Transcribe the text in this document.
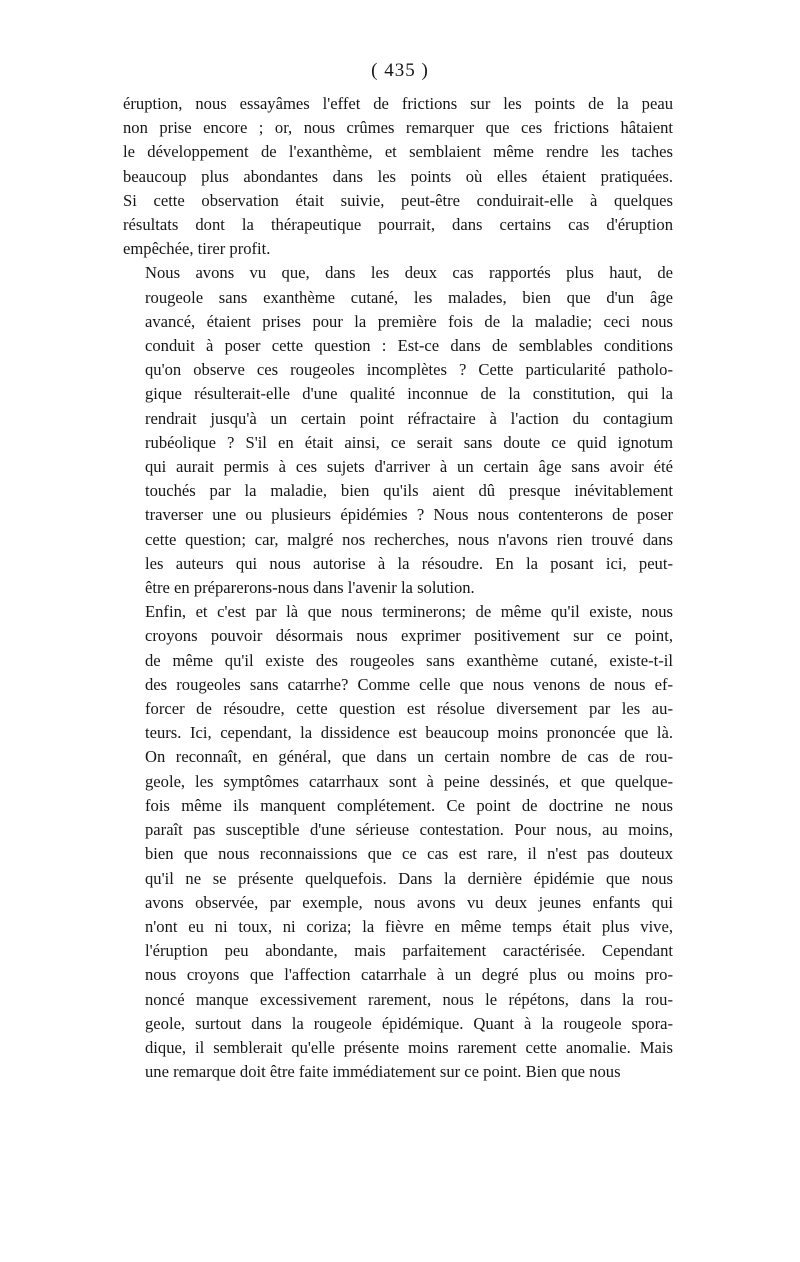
( 435 )

éruption, nous essayâmes l'effet de frictions sur les points de la peau
non prise encore ; or, nous crûmes remarquer que ces frictions hâtaient
le développement de l'exanthème, et semblaient même rendre les taches
beaucoup plus abondantes dans les points où elles étaient pratiquées.
Si cette observation était suivie, peut-être conduirait-elle à quelques
résultats dont la thérapeutique pourrait, dans certains cas d'éruption
empêchée, tirer profit.

Nous avons vu que, dans les deux cas rapportés plus haut, de
rougeole sans exanthème cutané, les malades, bien que d'un âge
avancé, étaient prises pour la première fois de la maladie; ceci nous
conduit à poser cette question : Est-ce dans de semblables conditions
qu'on observe ces rougeoles incomplètes ? Cette particularité patholo-
gique résulterait-elle d'une qualité inconnue de la constitution, qui la
rendrait jusqu'à un certain point réfractaire à l'action du contagium
rubéolique ? S'il en était ainsi, ce serait sans doute ce quid ignotum
qui aurait permis à ces sujets d'arriver à un certain âge sans avoir été
touchés par la maladie, bien qu'ils aient dû presque inévitablement
traverser une ou plusieurs épidémies ? Nous nous contenterons de poser
cette question; car, malgré nos recherches, nous n'avons rien trouvé dans
les auteurs qui nous autorise à la résoudre. En la posant ici, peut-
être en préparerons-nous dans l'avenir la solution.

Enfin, et c'est par là que nous terminerons; de même qu'il existe, nous
croyons pouvoir désormais nous exprimer positivement sur ce point,
de même qu'il existe des rougeoles sans exanthème cutané, existe-t-il
des rougeoles sans catarrhe? Comme celle que nous venons de nous ef-
forcer de résoudre, cette question est résolue diversement par les au-
teurs. Ici, cependant, la dissidence est beaucoup moins prononcée que là.
On reconnaît, en général, que dans un certain nombre de cas de rou-
geole, les symptômes catarrhaux sont à peine dessinés, et que quelque-
fois même ils manquent complétement. Ce point de doctrine ne nous
paraît pas susceptible d'une sérieuse contestation. Pour nous, au moins,
bien que nous reconnaissions que ce cas est rare, il n'est pas douteux
qu'il ne se présente quelquefois. Dans la dernière épidémie que nous
avons observée, par exemple, nous avons vu deux jeunes enfants qui
n'ont eu ni toux, ni coriza; la fièvre en même temps était plus vive,
l'éruption peu abondante, mais parfaitement caractérisée. Cependant
nous croyons que l'affection catarrhale à un degré plus ou moins pro-
noncé manque excessivement rarement, nous le répétons, dans la rou-
geole, surtout dans la rougeole épidémique. Quant à la rougeole spora-
dique, il semblerait qu'elle présente moins rarement cette anomalie. Mais
une remarque doit être faite immédiatement sur ce point. Bien que nous
